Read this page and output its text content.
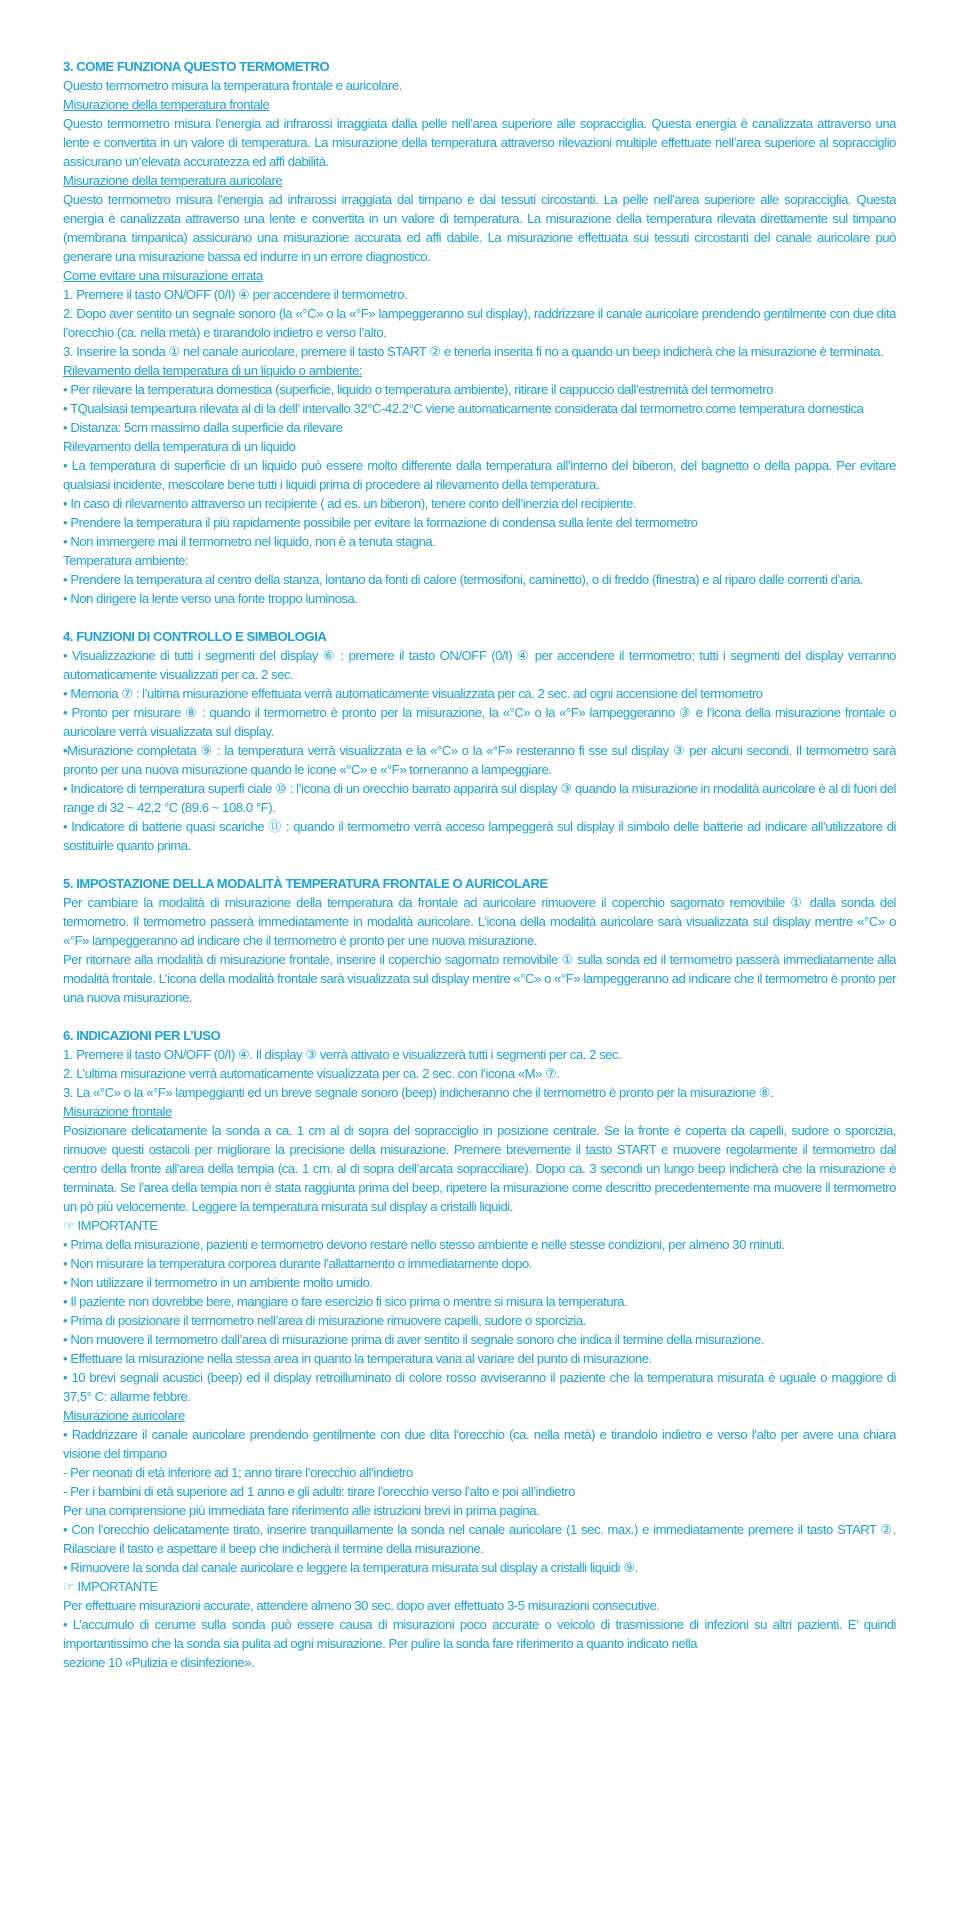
3. COME FUNZIONA QUESTO TERMOMETRO

Questo termometro misura la temperatura frontale e auricolare.

Misurazione della temperatura frontale

Questo termometro misura l’energia ad infrarossi irraggiata dalla pelle nell’area superiore alle sopracciglia. Questa energia è canalizzata attraverso una lente e convertita in un valore di temperatura. La misurazione della temperatura attraverso rilevazioni multiple effettuate nell’area superiore al sopracciglio assicurano un’elevata accuratezza ed affi dabilità.

Misurazione della temperatura auricolare

Questo termometro misura l’energia ad infrarossi irraggiata dal timpano e dai tessuti circostanti. La pelle nell’area superiore alle sopracciglia. Questa energia è canalizzata attraverso una lente e convertita in un valore di temperatura. La misurazione della temperatura rilevata direttamente sul timpano (membrana timpanica) assicurano una misurazione accurata ed affi dabile. La misurazione effettuata sui tessuti circostanti del canale auricolare può generare una misurazione bassa ed indurre in un errore diagnostico.

Come evitare una misurazione errata

1. Premere il tasto ON/OFF (0/I) ④ per accendere il termometro.

2. Dopo aver sentito un segnale sonoro (la «°C» o la «°F» lampeggeranno sul display), raddrizzare il canale auricolare prendendo gentilmente con due dita l’orecchio (ca. nella metà) e tirarandolo indietro e verso l’alto.

3. Inserire la sonda ① nel canale auricolare, premere il tasto START ② e tenerla inserita fi no a quando un beep indicherà che la misurazione è terminata.

Rilevamento della temperatura di un liquido o ambiente:

• Per rilevare la temperatura domestica (superficie, liquido o temperatura ambiente), ritirare il cappuccio dall’estremità del termometro

• TQualsiasi tempeartura rilevata al di la dell’ intervallo 32°C-42.2°C viene automaticamente considerata dal termometro come temperatura domestica

• Distanza: 5cm massimo dalla superficie da rilevare

Rilevamento della temperatura di un liquido

• La temperatura di superficie di un liquido può essere molto differente dalla temperatura all’interno del biberon, del bagnetto o della pappa. Per evitare qualsiasi incidente, mescolare bene tutti i liquidi prima di procedere al rilevamento della temperatura.

• In caso di rilevamento attraverso un recipiente ( ad es. un biberon), tenere conto dell’inerzia del recipiente.

• Prendere la temperatura il più rapidamente possibile per evitare la formazione di condensa sulla lente del termometro

• Non immergere mai il termometro nel liquido, non è a tenuta stagna.

Temperatura ambiente:

• Prendere la temperatura al centro della stanza, lontano da fonti di calore (termosifoni, caminetto), o di freddo (finestra) e al riparo dalle correnti d’aria.

• Non dirigere la lente verso una fonte troppo luminosa.

4. FUNZIONI DI CONTROLLO E SIMBOLOGIA

• Visualizzazione di tutti i segmenti del display ⑥ : premere il tasto ON/OFF (0/I) ④ per accendere il termometro; tutti i segmenti del display verranno automaticamente visualizzati per ca. 2 sec.

• Memoria ⑦ : l’ultima misurazione effettuata verrà automaticamente visualizzata per ca. 2 sec. ad ogni accensione del termometro

• Pronto per misurare ⑧ : quando il termometro è pronto per la misurazione, la «°C» o la «°F» lampeggeranno ③ e l’icona della misurazione frontale o auricolare verrà visualizzata sul display.

•Misurazione completata ⑨ : la temperatura verrà visualizzata e la «°C» o la «°F» resteranno fi sse sul display ③ per alcuni secondi. Il termometro sarà pronto per una nuova misurazione quando le icone «°C» e «°F» torneranno a lampeggiare.

• Indicatore di temperatura superfi ciale ⑩ : l’icona di un orecchio barrato apparirà sul display ③ quando la misurazione in modalità auricolare è al di fuori del range di 32 ~ 42,2 °C (89.6 ~ 108.0 °F).

• Indicatore di batterie quasi scariche ⑪ : quando il termometro verrà acceso lampeggerà sul display il simbolo delle batterie ad indicare all’utilizzatore di sostituirle quanto prima.

5. IMPOSTAZIONE DELLA MODALITÀ TEMPERATURA FRONTALE O AURICOLARE

Per cambiare la modalità di misurazione della temperatura da frontale ad auricolare rimuovere il coperchio sagomato removibile ① dalla sonda del termometro. Il termometro passerà immediatamente in modalità auricolare. L’icona della modalità auricolare sarà visualizzata sul display mentre «°C» o «°F» lampeggeranno ad indicare che il termometro è pronto per une nuova misurazione.

Per ritornare alla modalità di misurazione frontale, inserire il coperchio sagomato removibile ① sulla sonda ed il termometro passerà immediatamente alla modalità frontale. L’icona della modalità frontale sarà visualizzata sul display mentre «°C» o «°F» lampeggeranno ad indicare che il termometro è pronto per una nuova misurazione.

6. INDICAZIONI PER L’USO

1. Premere il tasto ON/OFF (0/I) ④. Il display ③ verrà attivato e visualizzerà tutti i segmenti per ca. 2 sec.

2. L’ultima misurazione verrà automaticamente visualizzata per ca. 2 sec. con l’icona «M» ⑦.

3. La «°C» o la «°F» lampeggianti ed un breve segnale sonoro (beep) indicheranno che il termometro è pronto per la misurazione ⑧.

Misurazione frontale

Posizionare delicatamente la sonda a ca. 1 cm al di sopra del sopracciglio in posizione centrale. Se la fronte è coperta da capelli, sudore o sporcizia, rimuove questi ostacoli per migliorare la precisione della misurazione. Premere brevemente il tasto START e muovere regolarmente il termometro dal centro della fronte all’area della tempia (ca. 1 cm. al di sopra dell’arcata sopracciliare). Dopo ca. 3 secondi un lungo beep indicherà che la misurazione è terminata. Se l’area della tempia non è stata raggiunta prima del beep, ripetere la misurazione come descritto precedentemente ma muovere il termometro un pò più velocemente. Leggere la temperatura misurata sul display a cristalli liquidi.

☞ IMPORTANTE

• Prima della misurazione, pazienti e termometro devono restare nello stesso ambiente e nelle stesse condizioni, per almeno 30 minuti.

• Non misurare la temperatura corporea durante l’allattamento o immediatamente dopo.

• Non utilizzare il termometro in un ambiente molto umido.

• Il paziente non dovrebbe bere, mangiare o fare esercizio fi sico prima o mentre si misura la temperatura.

• Prima di posizionare il termometro nell’area di misurazione rimuovere capelli, sudore o sporcizia.

• Non muovere il termometro dall’area di misurazione prima di aver sentito il segnale sonoro che indica il termine della misurazione.

• Effettuare la misurazione nella stessa area in quanto la temperatura varia al variare del punto di misurazione.

• 10 brevi segnali acustici (beep) ed il display retroilluminato di colore rosso avviseranno il paziente che la temperatura misurata è uguale o maggiore di 37,5° C: allarme febbre.

Misurazione auricolare

• Raddrizzare il canale auricolare prendendo gentilmente con due dita l’orecchio (ca. nella metà) e tirandolo indietro e verso l’alto per avere una chiara visione del timpano

- Per neonati di età inferiore ad 1; anno tirare l’orecchio all’indietro

- Per i bambini di età superiore ad 1 anno e gli adulti: tirare l’orecchio verso l’alto e poi all’indietro

Per una comprensione più immediata fare riferimento alle istruzioni brevi in prima pagina.

• Con l’orecchio delicatamente tirato, inserire tranquillamente la sonda nel canale auricolare (1 sec. max.) e immediatamente premere il tasto START ②. Rilasciare il tasto e aspettare il beep che indicherà il termine della misurazione.

• Rimuovere la sonda dal canale auricolare e leggere la temperatura misurata sul display a cristalli liquidi ⑨.

☞ IMPORTANTE

Per effettuare misurazioni accurate, attendere almeno 30 sec. dopo aver effettuato 3-5 misurazioni consecutive.

• L’accumulo di cerume sulla sonda può essere causa di misurazioni poco accurate o veicolo di trasmissione di infezioni su altri pazienti. E’ quindi importantissimo che la sonda sia pulita ad ogni misurazione. Per pulire la sonda fare riferimento a quanto indicato nella

sezione 10 «Pulizia e disinfezione».
